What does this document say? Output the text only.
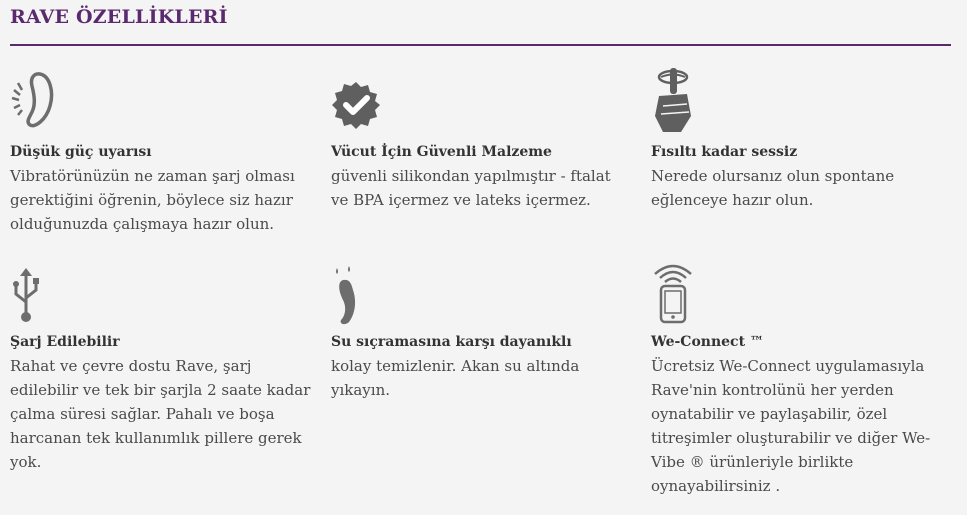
RAVE ÖZELLİKLERİ
Düşük güç uyarısı
Vibratörünüzün ne zaman şarj olması
gerektiğini öğrenin, böylece siz hazır
olduğunuzda çalışmaya hazır olun.
Vücut İçin Güvenli Malzeme
güvenli silikondan yapılmıştır - ftalat
ve BPA içermez ve lateks içermez.
Fısıltı kadar sessiz
Nerede olursanız olun spontane
eğlenceye hazır olun.
Şarj Edilebilir
Rahat ve çevre dostu Rave, şarj
edilebilir ve tek bir şarjla 2 saate kadar
çalma süresi sağlar. Pahalı ve boşa
harcanan tek kullanımlık pillere gerek
yok.
Su sıçramasına karşı dayanıklı
kolay temizlenir. Akan su altında
yıkayın.
We-Connect ™
Ücretsiz We-Connect uygulamasıyla
Rave'nin kontrolünü her yerden
oynatabilir ve paylaşabilir, özel
titreşimler oluşturabilir ve diğer We-
Vibe ® ürünleriyle birlikte
oynayabilirsiniz .
